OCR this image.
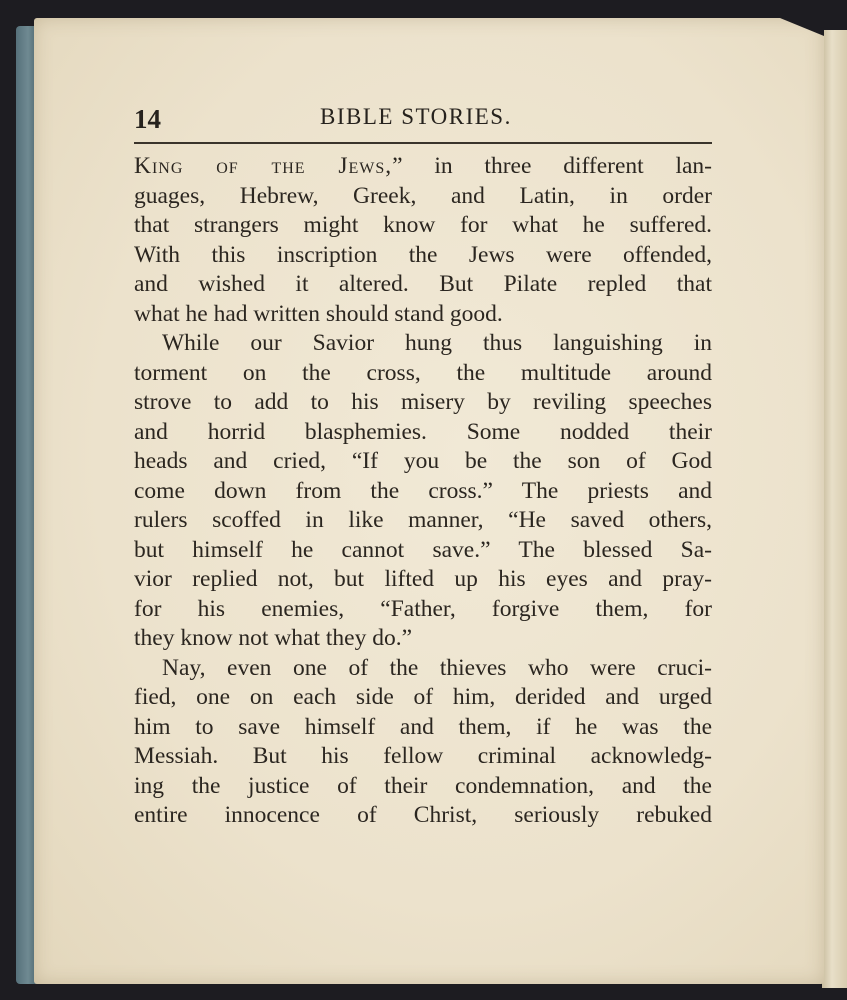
14	BIBLE STORIES.
King of the Jews,” in three different lan-
guages, Hebrew, Greek, and Latin, in order
that strangers might know for what he suffered.
With this inscription the Jews were offended,
and wished it altered. But Pilate repled that
what he had written should stand good.
While our Savior hung thus languishing in
torment on the cross, the multitude around
strove to add to his misery by reviling speeches
and horrid blasphemies. Some nodded their
heads and cried, “If you be the son of God
come down from the cross.” The priests and
rulers scoffed in like manner, “He saved others,
but himself he cannot save.” The blessed Sa-
vior replied not, but lifted up his eyes and pray-
for his enemies, “Father, forgive them, for
they know not what they do.”
Nay, even one of the thieves who were cruci-
fied, one on each side of him, derided and urged
him to save himself and them, if he was the
Messiah. But his fellow criminal acknowledg-
ing the justice of their condemnation, and the
entire innocence of Christ, seriously rebuked
